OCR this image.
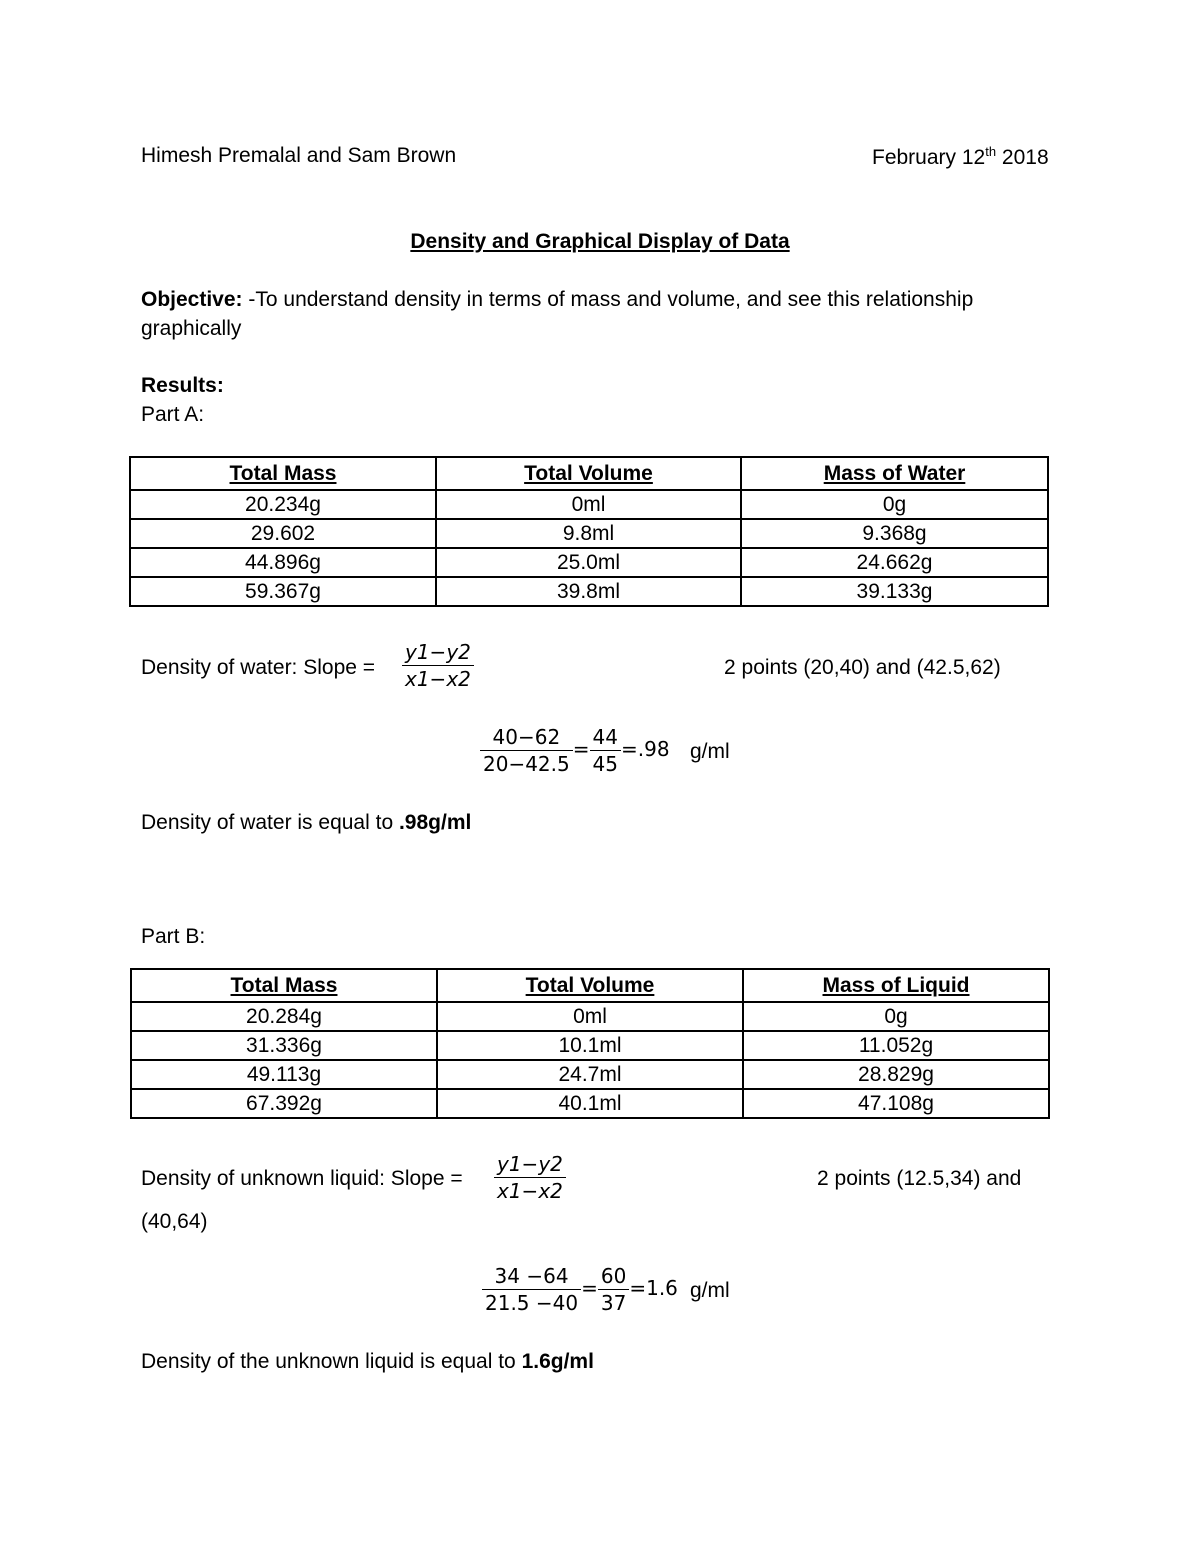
Himesh Premalal and Sam Brown	February 12th 2018
Density and Graphical Display of Data
Objective: -To understand density in terms of mass and volume, and see this relationship
graphically
Results:
Part A:
Total Mass	Total Volume	Mass of Water
20.234g	0ml	0g
29.602	9.8ml	9.368g
44.896g	25.0ml	24.662g
59.367g	39.8ml	39.133g
Density of water: Slope = $\frac{y1-y2}{x1-x2}$	2 points (20,40) and (42.5,62)
$\frac{40-62}{20-42.5} = \frac{44}{45} =.98$ g/ml
Density of water is equal to .98g/ml
Part B:
Total Mass	Total Volume	Mass of Liquid
20.284g	0ml	0g
31.336g	10.1ml	11.052g
49.113g	24.7ml	28.829g
67.392g	40.1ml	47.108g
Density of unknown liquid: Slope = $\frac{y1-y2}{x1-x2}$	2 points (12.5,34) and
(40,64)
$\frac{34 -64}{21.5 -40} = \frac{60}{37} =1.6$ g/ml
Density of the unknown liquid is equal to 1.6g/ml
